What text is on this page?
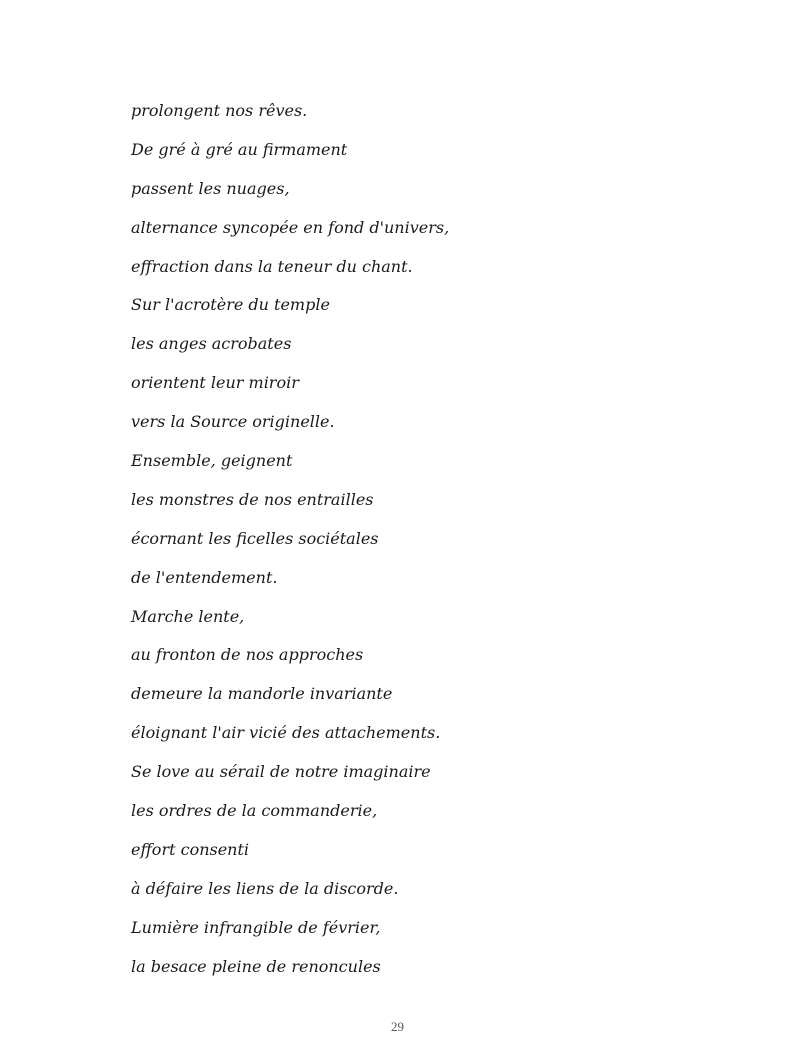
prolongent nos rêves.
De gré à gré au firmament
passent les nuages,
alternance syncopée en fond d'univers,
effraction dans la teneur du chant.
Sur l'acrotère du temple
les anges acrobates
orientent leur miroir
vers la Source originelle.
Ensemble, geignent
les monstres de nos entrailles
écornant les ficelles sociétales
de l'entendement.
Marche lente,
au fronton de nos approches
demeure la mandorle invariante
éloignant l'air vicié des attachements.
Se love au sérail de notre imaginaire
les ordres de la commanderie,
effort consenti
à défaire les liens de la discorde.
Lumière infrangible de février,
la besace pleine de renoncules
29
